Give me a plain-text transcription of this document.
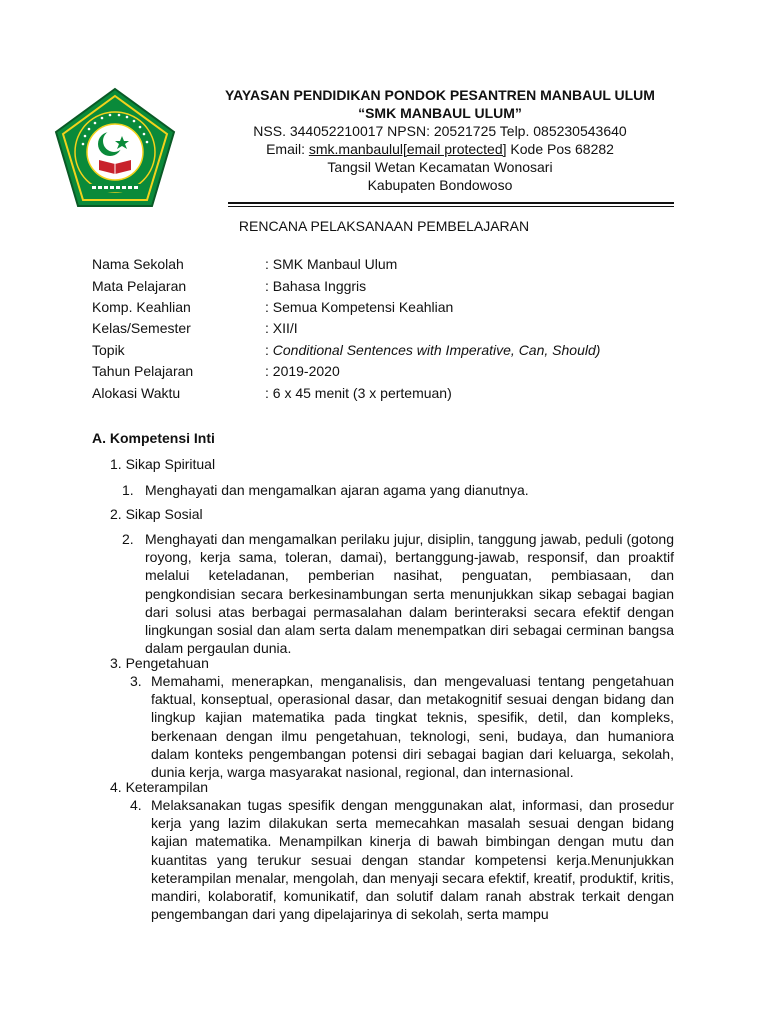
YAYASAN PENDIDIKAN PONDOK PESANTREN MANBAUL ULUM
“SMK MANBAUL ULUM”
NSS. 344052210017 NPSN: 20521725 Telp. 085230543640
Email: smk.manbaulul[email protected] Kode Pos 68282
Tangsil Wetan Kecamatan Wonosari
Kabupaten Bondowoso
RENCANA PELAKSANAAN PEMBELAJARAN
Nama Sekolah	: SMK Manbaul Ulum
Mata Pelajaran	: Bahasa Inggris
Komp. Keahlian	: Semua Kompetensi Keahlian
Kelas/Semester	: XII/I
Topik	: Conditional Sentences with Imperative, Can, Should)
Tahun Pelajaran	: 2019-2020
Alokasi Waktu	: 6 x 45 menit (3 x pertemuan)
A. Kompetensi Inti
1. Sikap Spiritual
1. Menghayati dan mengamalkan ajaran agama yang dianutnya.
2. Sikap Sosial
2. Menghayati dan mengamalkan perilaku jujur, disiplin, tanggung jawab, peduli (gotong royong, kerja sama, toleran, damai), bertanggung-jawab, responsif, dan proaktif melalui keteladanan, pemberian nasihat, penguatan, pembiasaan, dan pengkondisian secara berkesinambungan serta menunjukkan sikap sebagai bagian dari solusi atas berbagai permasalahan dalam berinteraksi secara efektif dengan lingkungan sosial dan alam serta dalam menempatkan diri sebagai cerminan bangsa dalam pergaulan dunia.
3. Pengetahuan
3. Memahami, menerapkan, menganalisis, dan mengevaluasi tentang pengetahuan faktual, konseptual, operasional dasar, dan metakognitif sesuai dengan bidang dan lingkup kajian matematika pada tingkat teknis, spesifik, detil, dan kompleks, berkenaan dengan ilmu pengetahuan, teknologi, seni, budaya, dan humaniora dalam konteks pengembangan potensi diri sebagai bagian dari keluarga, sekolah, dunia kerja, warga masyarakat nasional, regional, dan internasional.
4. Keterampilan
4. Melaksanakan tugas spesifik dengan menggunakan alat, informasi, dan prosedur kerja yang lazim dilakukan serta memecahkan masalah sesuai dengan bidang kajian matematika. Menampilkan kinerja di bawah bimbingan dengan mutu dan kuantitas yang terukur sesuai dengan standar kompetensi kerja.Menunjukkan keterampilan menalar, mengolah, dan menyaji secara efektif, kreatif, produktif, kritis, mandiri, kolaboratif, komunikatif, dan solutif dalam ranah abstrak terkait dengan pengembangan dari yang dipelajarinya di sekolah, serta mampu
